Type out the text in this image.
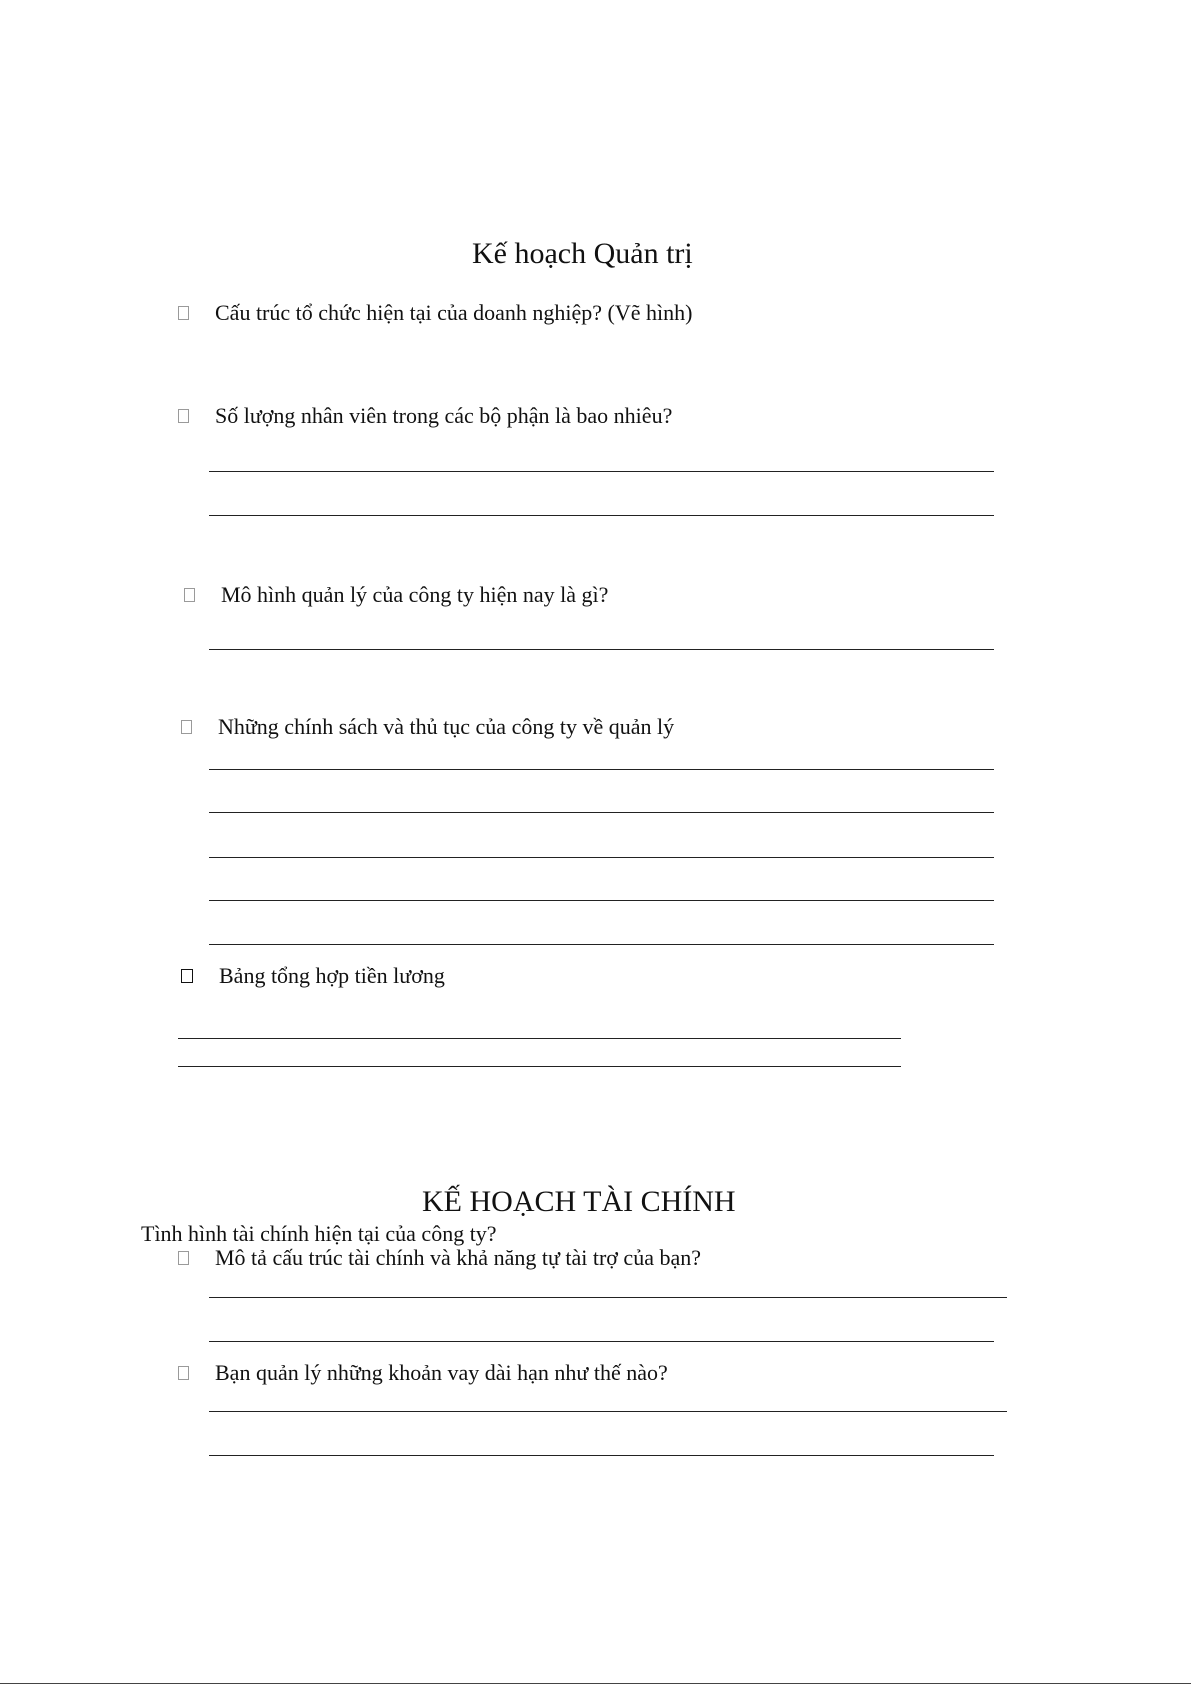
Kế hoạch Quản trị
Cấu trúc tổ chức hiện tại của doanh nghiệp? (Vẽ hình)
Số lượng nhân viên trong các bộ phận là bao nhiêu?
Mô hình quản lý của công ty hiện nay là gì?
Những chính sách và thủ tục của công ty về quản lý
Bảng tổng hợp tiền lương
KẾ HOẠCH TÀI CHÍNH
Tình hình tài chính hiện tại của công ty?
Mô tả cấu trúc tài chính và khả năng tự tài trợ của bạn?
Bạn quản lý những khoản vay dài hạn như thế nào?
